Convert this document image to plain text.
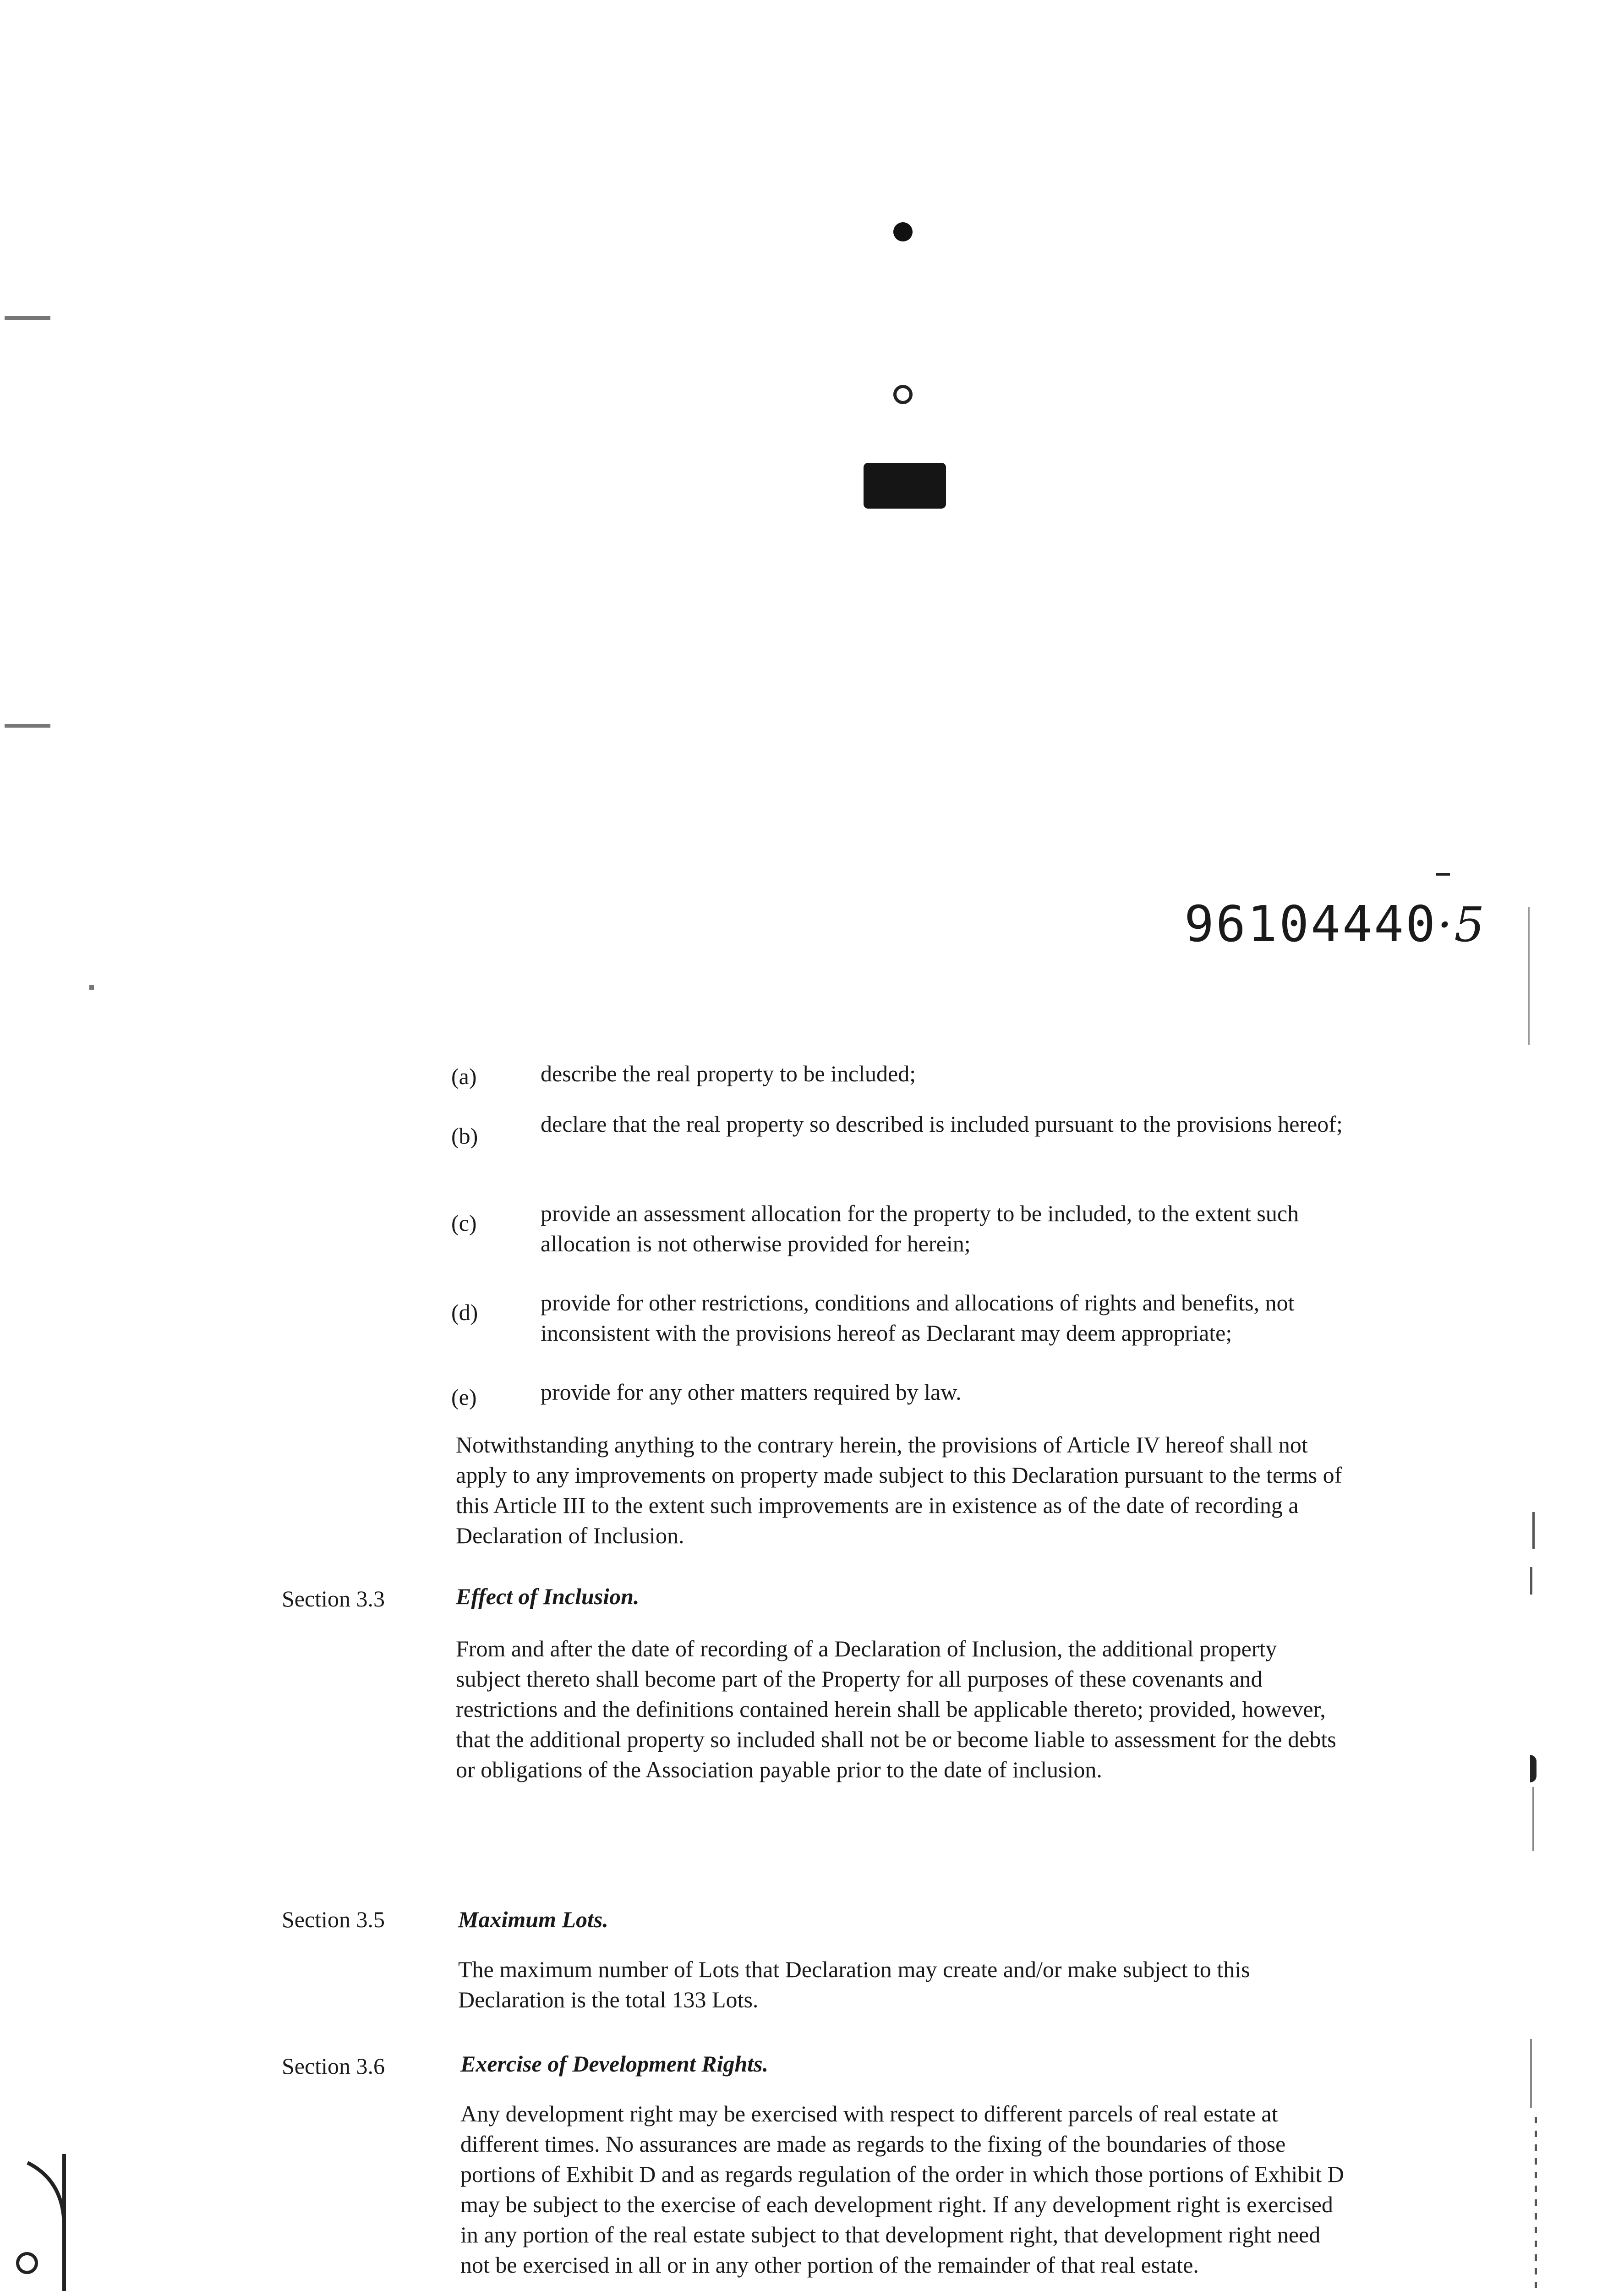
96104440·5
(a)	describe the real property to be included;
(b)	declare that the real property so described is included pursuant to the provisions hereof;
(c)	provide an assessment allocation for the property to be included, to the extent such allocation is not otherwise provided for herein;
(d)	provide for other restrictions, conditions and allocations of rights and benefits, not inconsistent with the provisions hereof as Declarant may deem appropriate;
(e)	provide for any other matters required by law.
Notwithstanding anything to the contrary herein, the provisions of Article IV hereof shall not apply to any improvements on property made subject to this Declaration pursuant to the terms of this Article III to the extent such improvements are in existence as of the date of recording a Declaration of Inclusion.
Section 3.3	Effect of Inclusion.
From and after the date of recording of a Declaration of Inclusion, the additional property subject thereto shall become part of the Property for all purposes of these covenants and restrictions and the definitions contained herein shall be applicable thereto; provided, however, that the additional property so included shall not be or become liable to assessment for the debts or obligations of the Association payable prior to the date of inclusion.
Section 3.5	Maximum Lots.
The maximum number of Lots that Declaration may create and/or make subject to this Declaration is the total 133 Lots.
Section 3.6	Exercise of Development Rights.
Any development right may be exercised with respect to different parcels of real estate at different times. No assurances are made as regards to the fixing of the boundaries of those portions of Exhibit D and as regards regulation of the order in which those portions of Exhibit D may be subject to the exercise of each development right. If any development right is exercised in any portion of the real estate subject to that development right, that development right need not be exercised in all or in any other portion of the remainder of that real estate.
